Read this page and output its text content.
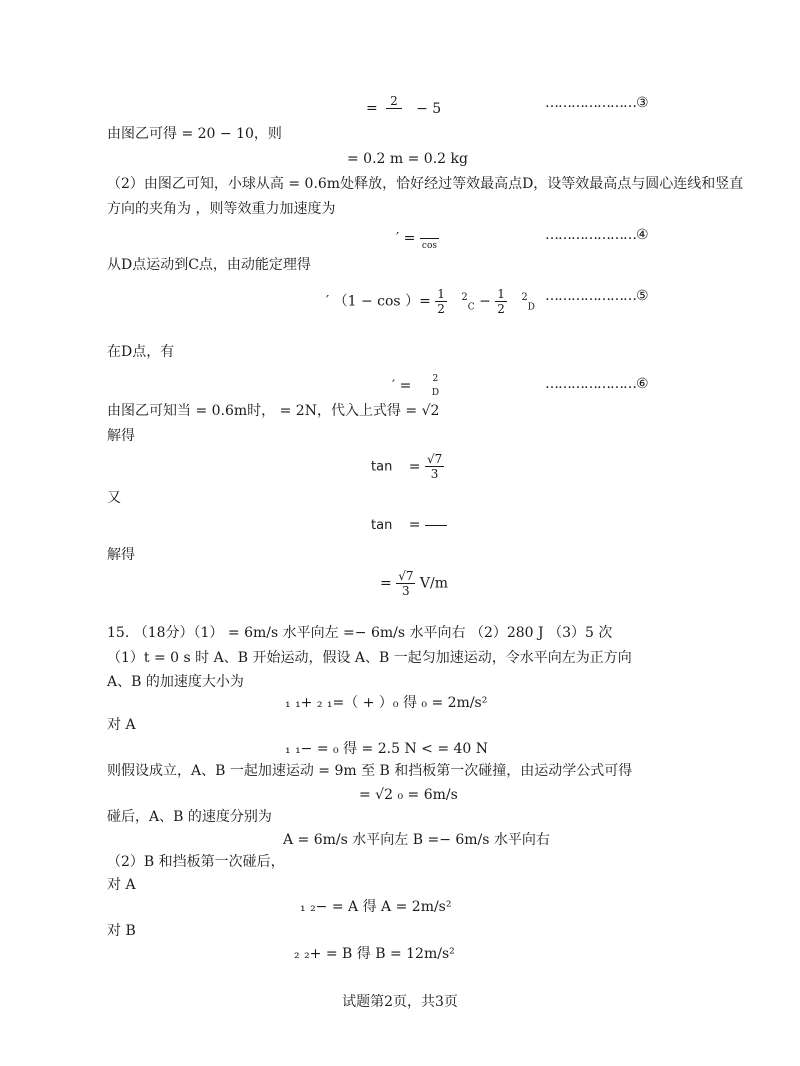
=	2
− 5	…………………③
由图乙可得 = 20 − 10，则
= 0.2 m = 0.2 kg
（2）由图乙可知，小球从高 = 0.6m处释放，恰好经过等效最高点D，设等效最高点与圆心连线和竖直
方向的夹角为 ，则等效重力加速度为
′ =
cos
…………………④
从D点运动到C点，由动能定理得
′ （1 − cos ）= $\frac{1}{2} ^2_C - \frac{1}{2} ^2_D$
…………………⑤
在D点，有
′ =	2
D
…………………⑥
由图乙可知当 = 0.6m时， = 2N，代入上式得 = √2
解得
$\tan = \frac{√7}{3}$
又
tan =
解得
= $\frac{√7}{3} V/m$
15. （18分）（1） = 6m/s 水平向左 =− 6m/s 水平向右 （2）280 J （3）5 次
（1）t = 0 s 时 A、B 开始运动，假设 A、B 一起匀加速运动，令水平向左为正方向
A、B 的加速度大小为
₁ ₁+ ₂ ₁=（ + ）₀ 得 ₀ = 2m/s²
对 A
₁ ₁− = ₀ 得 = 2.5 N < = 40 N
则假设成立，A、B 一起加速运动 = 9m 至 B 和挡板第一次碰撞，由运动学公式可得
= √2 ₀ = 6m/s
碰后，A、B 的速度分别为
A = 6m/s 水平向左 B =− 6m/s 水平向右
（2）B 和挡板第一次碰后，
对 A
₁ ₂− = A 得 A = 2m/s²
对 B
₂ ₂+ = B 得 B = 12m/s²
试题第2页，共3页
